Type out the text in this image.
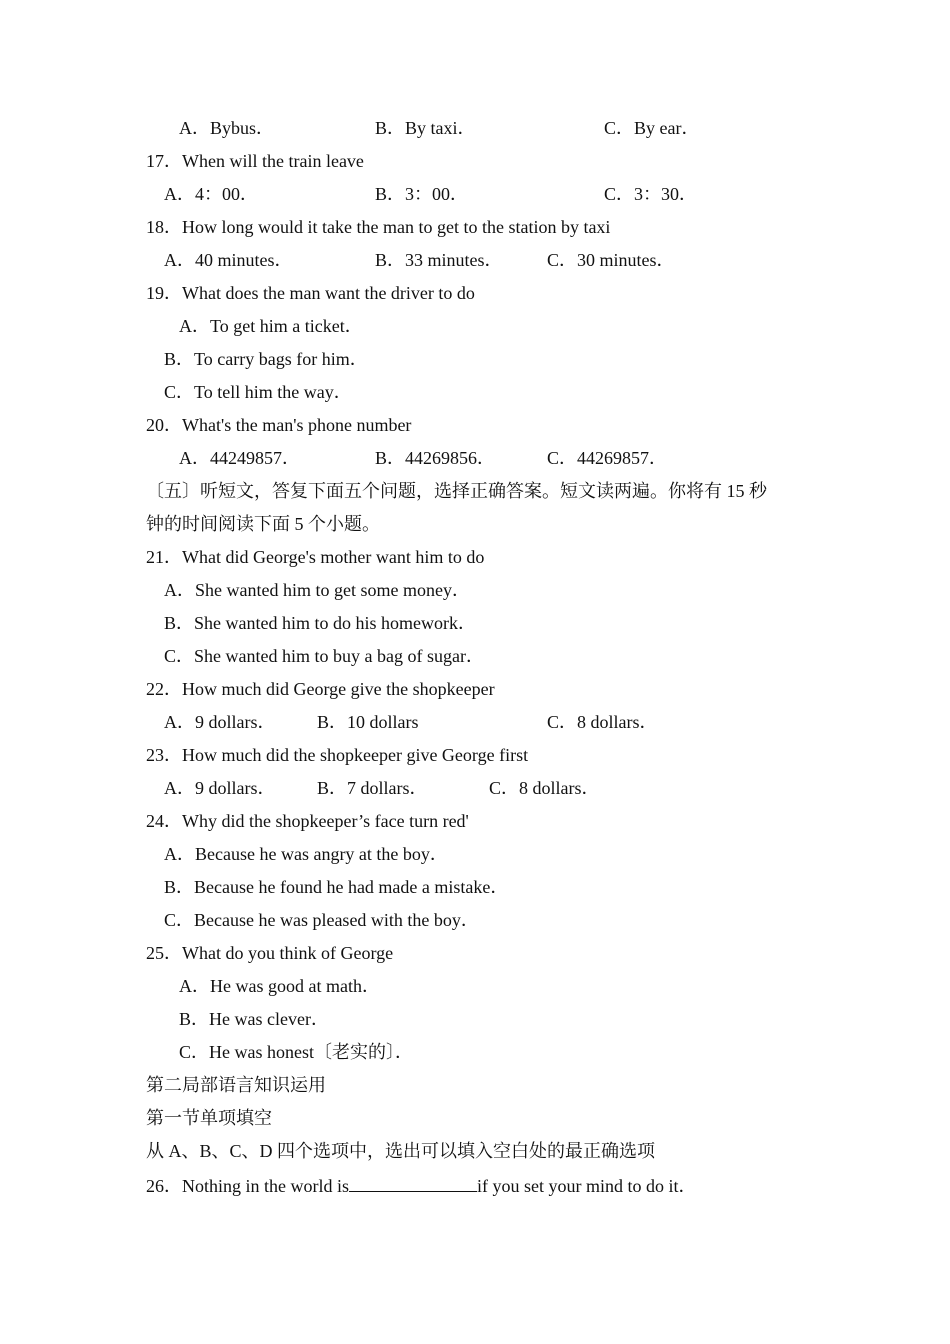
A．Bybus．	B．By taxi．	C．By ear．
17．When will the train leave
A．4：00．	B．3：00．	C．3：30．
18．How long would it take the man to get to the station by taxi
A．40 minutes．	B．33 minutes． C．30 minutes．
19．What does the man want the driver to do
A．To get him a ticket．
B．To carry bags for him．
C．To tell him the way．
20．What's the man's phone number
A．44249857．	B．44269856．	C．44269857．
〔五〕听短文，答复下面五个问题，选择正确答案。短文读两遍。你将有 15 秒
钟的时间阅读下面 5 个小题。
21．What did George's mother want him to do
A．She wanted him to get some money．
B．She wanted him to do his homework．
C．She wanted him to buy a bag of sugar．
22．How much did George give the shopkeeper
A．9 dollars． B．10 dollars	C．8 dollars．
23．How much did the shopkeeper give George first
A．9 dollars． B．7 dollars．	C．8 dollars．
24．Why did the shopkeeper’s face turn red'
A．Because he was angry at the boy．
B．Because he found he had made a mistake．
C．Because he was pleased with the boy．
25．What do you think of George
A．He was good at math．
B．He was clever．
C．He was honest〔老实的〕．
第二局部语言知识运用
第一节单项填空
从 A、B、C、D 四个选项中，选出可以填入空白处的最正确选项
26．Nothing in the world is	if you set your mind to do it．
